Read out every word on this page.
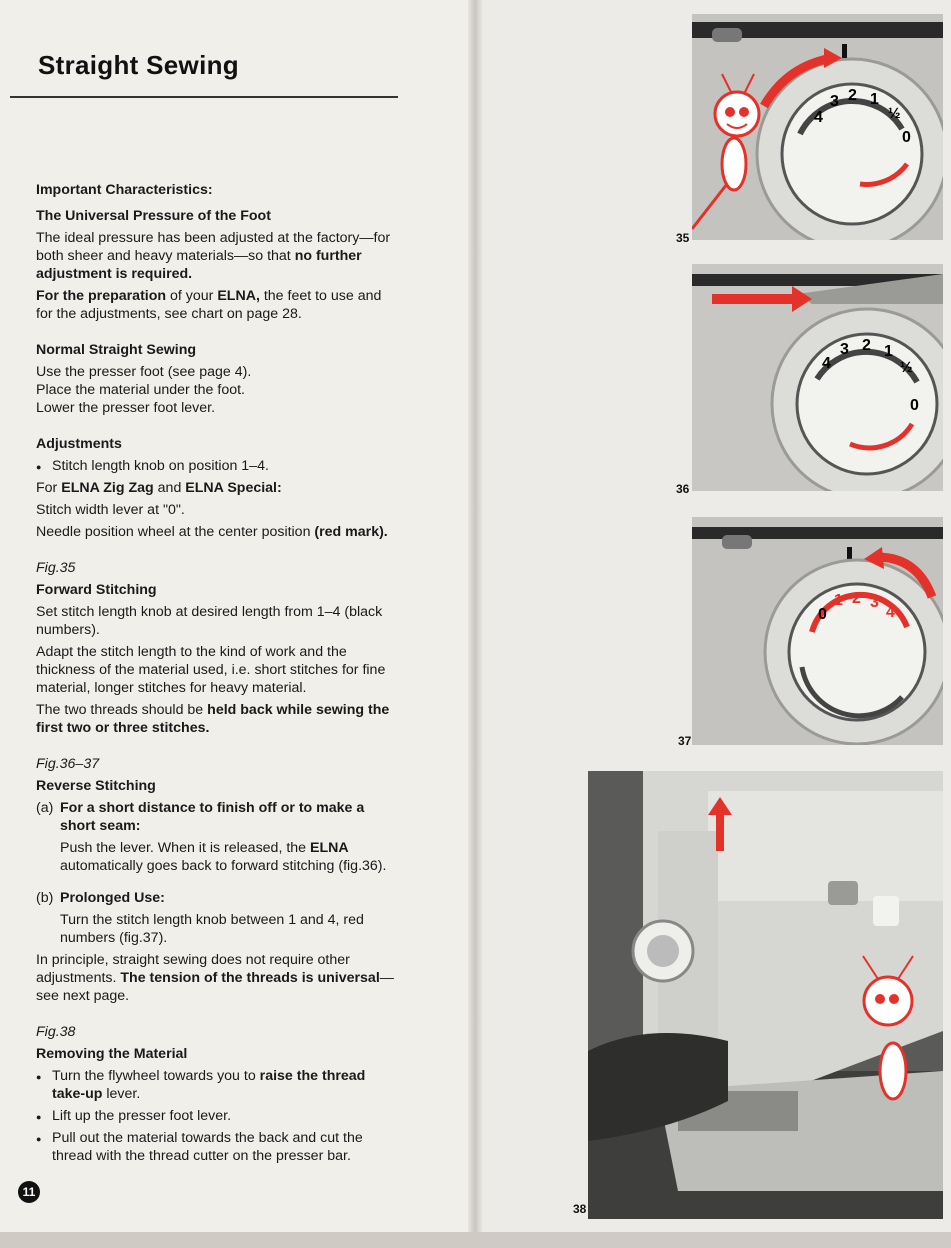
Straight Sewing

Important Characteristics:

The Universal Pressure of the Foot

The ideal pressure has been adjusted at the factory—for both sheer and heavy materials—so that no further adjustment is required.

For the preparation of your ELNA, the feet to use and for the adjustments, see chart on page 28.

Normal Straight Sewing

Use the presser foot (see page 4).

Place the material under the foot.

Lower the presser foot lever.

Adjustments

● Stitch length knob on position 1–4.

For ELNA Zig Zag and ELNA Special:

Stitch width lever at "0".

Needle position wheel at the center position (red mark).

Fig.35

Forward Stitching

Set stitch length knob at desired length from 1–4 (black numbers).

Adapt the stitch length to the kind of work and the thickness of the material used, i.e. short stitches for fine material, longer stitches for heavy material.

The two threads should be held back while sewing the first two or three stitches.

Fig.36–37

Reverse Stitching

(a) For a short distance to finish off or to make a short seam:
Push the lever. When it is released, the ELNA automatically goes back to forward stitching (fig.36).
(b) Prolonged Use:
Turn the stitch length knob between 1 and 4, red numbers (fig.37).

In principle, straight sewing does not require other adjustments. The tension of the threads is universal—see next page.

Fig.38

Removing the Material

● Turn the flywheel towards you to raise the thread take-up lever.

● Lift up the presser foot lever.

● Pull out the material towards the back and cut the thread with the thread cutter on the presser bar.

11
4
3 2 1
½
0
35
4
3 2 1
½
0
36
0
1 2 3
4
37
38
